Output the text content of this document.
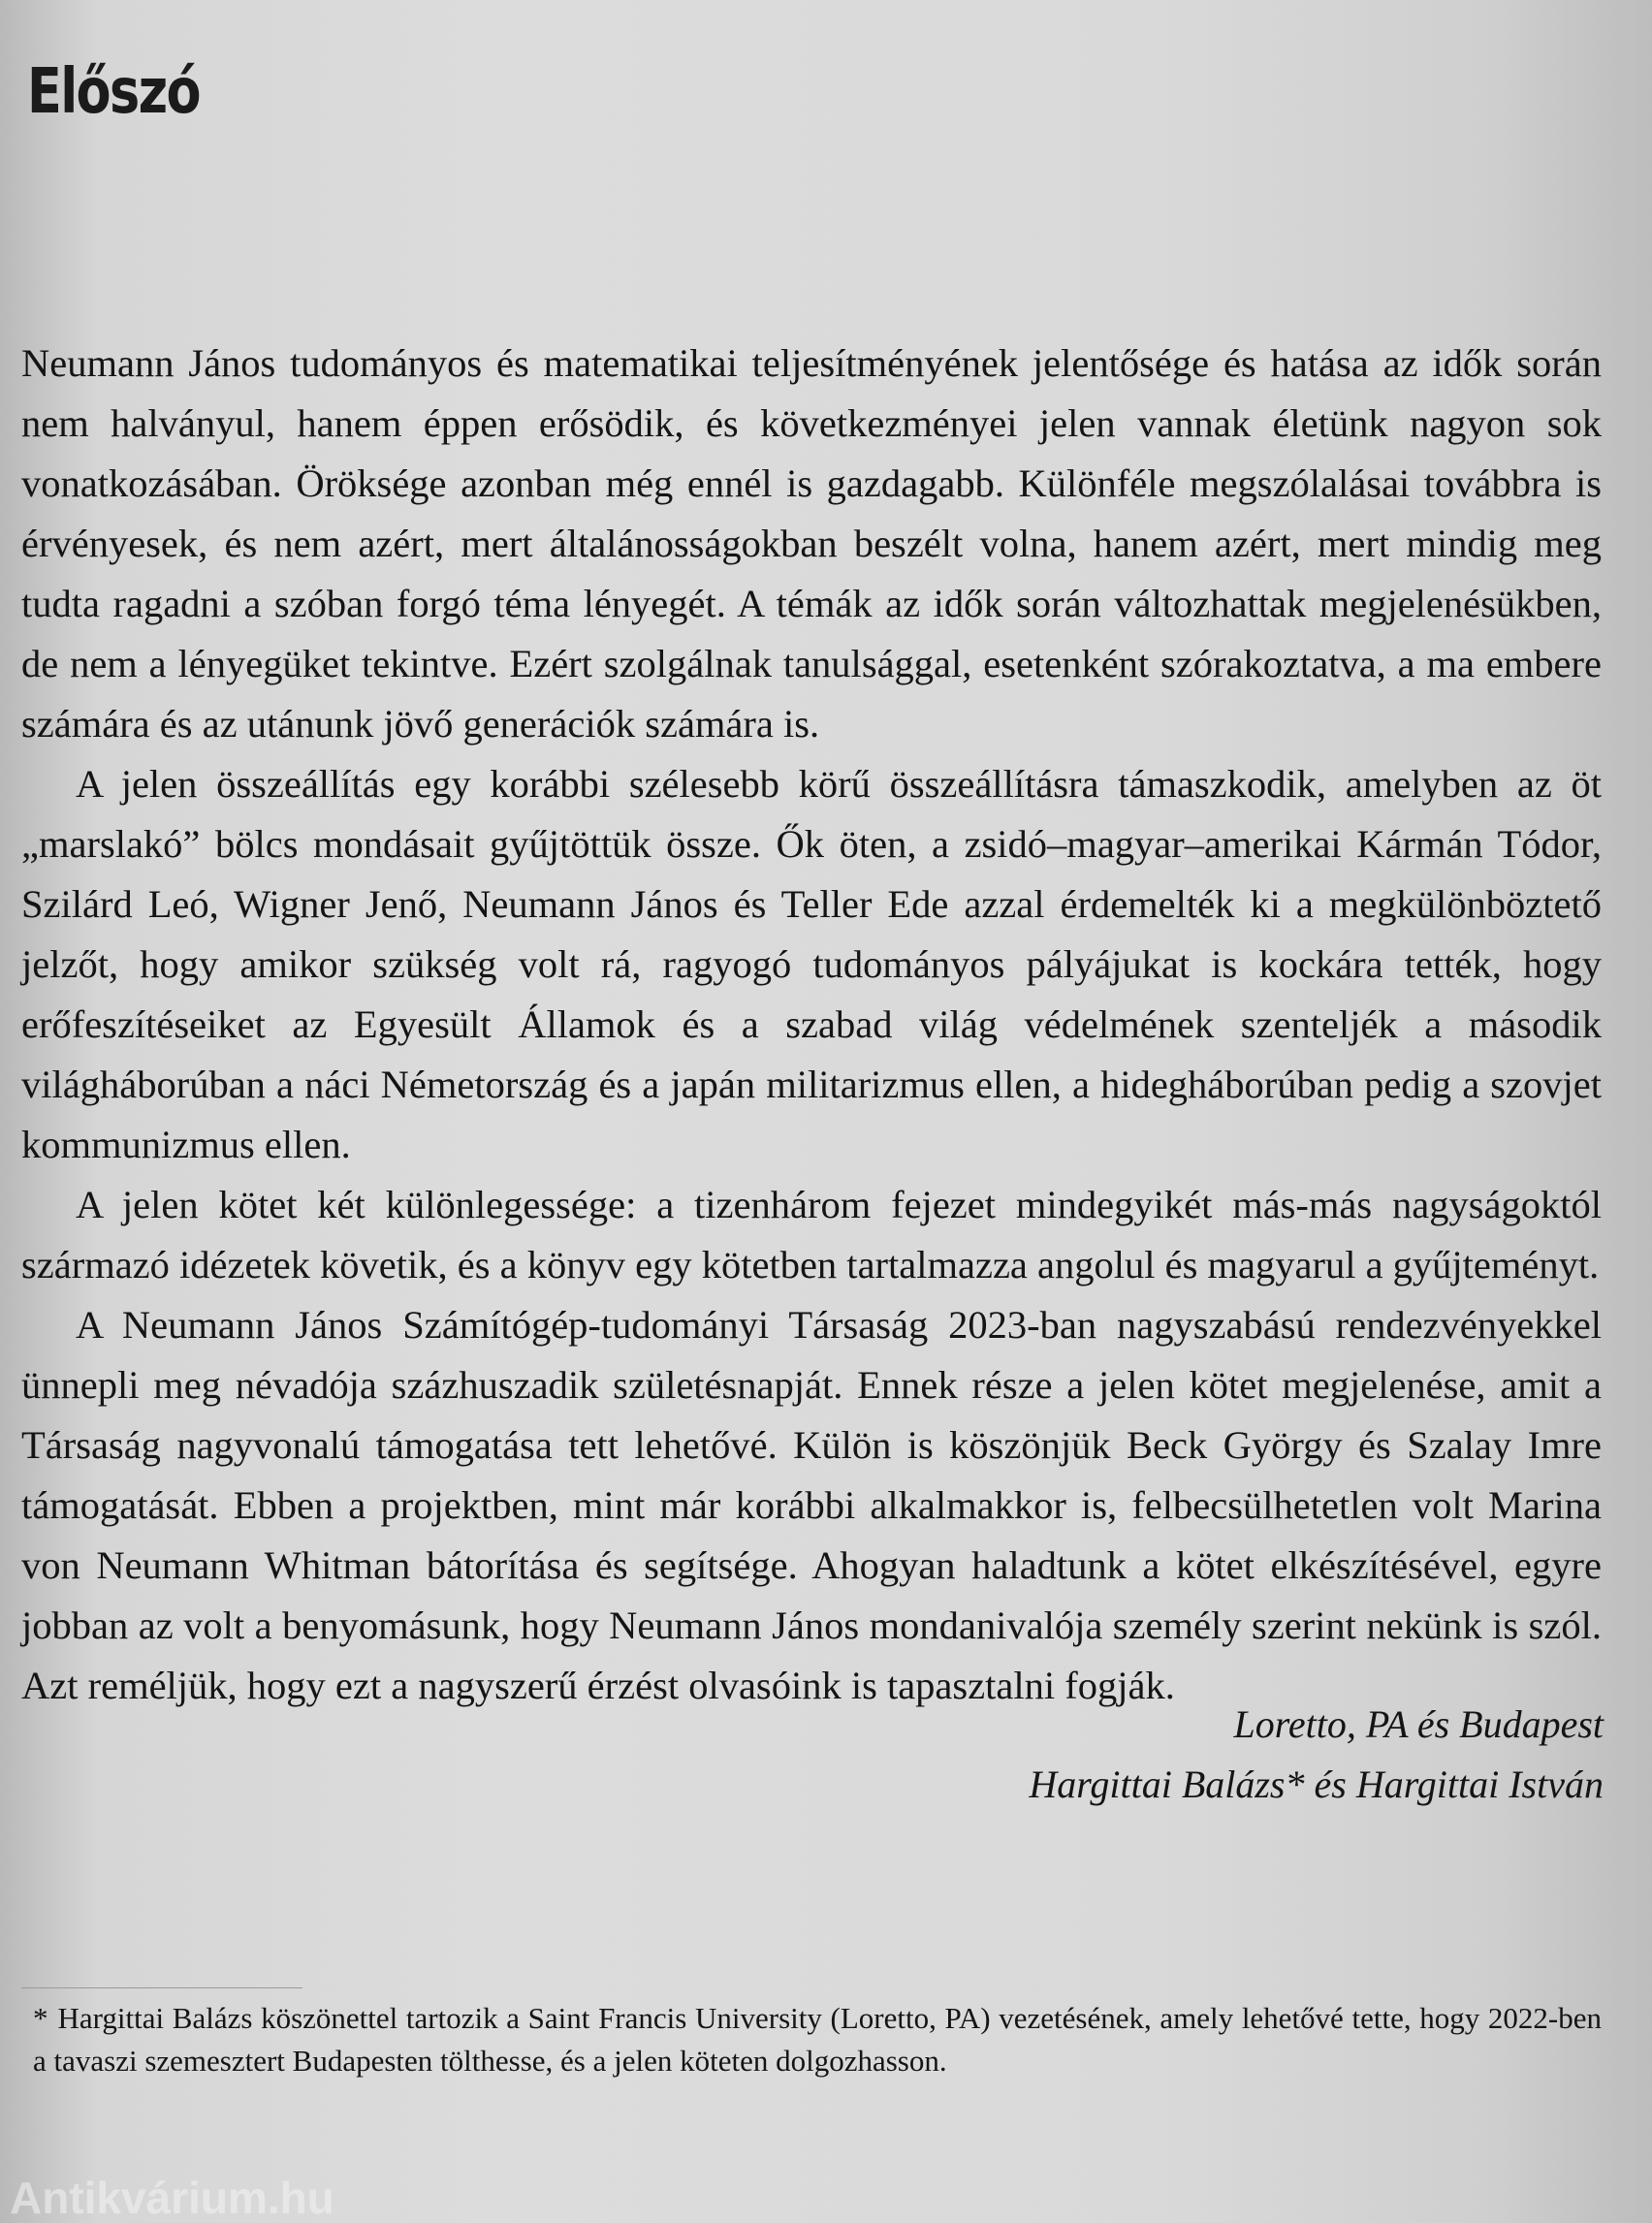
Előszó

Neumann János tudományos és matematikai teljesítményének jelentősége és hatása az idők során nem halványul, hanem éppen erősödik, és következményei jelen vannak életünk nagyon sok vonatkozásában. Öröksége azonban még ennél is gazdagabb. Különféle megszólalásai továbbra is érvényesek, és nem azért, mert általánosságokban beszélt volna, hanem azért, mert mindig meg tudta ragadni a szóban forgó téma lényegét. A témák az idők során változhattak megjelenésükben, de nem a lényegüket tekintve. Ezért szolgálnak tanulsággal, esetenként szórakoztatva, a ma embere számára és az utánunk jövő generációk számára is.

A jelen összeállítás egy korábbi szélesebb körű összeállításra támaszkodik, amelyben az öt „marslakó” bölcs mondásait gyűjtöttük össze. Ők öten, a zsidó–magyar–amerikai Kármán Tódor, Szilárd Leó, Wigner Jenő, Neumann János és Teller Ede azzal érdemelték ki a megkülönböztető jelzőt, hogy amikor szükség volt rá, ragyogó tudományos pályájukat is kockára tették, hogy erőfeszítéseiket az Egyesült Államok és a szabad világ védelmének szenteljék a második világháborúban a náci Németország és a japán militarizmus ellen, a hidegháborúban pedig a szovjet kommunizmus ellen.

A jelen kötet két különlegessége: a tizenhárom fejezet mindegyikét más-más nagyságoktól származó idézetek követik, és a könyv egy kötetben tartalmazza angolul és magyarul a gyűjteményt.

A Neumann János Számítógép-tudományi Társaság 2023-ban nagyszabású rendezvényekkel ünnepli meg névadója százhuszadik születésnapját. Ennek része a jelen kötet megjelenése, amit a Társaság nagyvonalú támogatása tett lehetővé. Külön is köszönjük Beck György és Szalay Imre támogatását. Ebben a projektben, mint már korábbi alkalmakkor is, felbecsülhetetlen volt Marina von Neumann Whitman bátorítása és segítsége. Ahogyan haladtunk a kötet elkészítésével, egyre jobban az volt a benyomásunk, hogy Neumann János mondanivalója személy szerint nekünk is szól. Azt reméljük, hogy ezt a nagyszerű érzést olvasóink is tapasztalni fogják.

Loretto, PA és Budapest
Hargittai Balázs* és Hargittai István
* Hargittai Balázs köszönettel tartozik a Saint Francis University (Loretto, PA) vezetésének, amely lehetővé tette, hogy 2022-ben a tavaszi szemesztert Budapesten tölthesse, és a jelen köteten dolgozhasson.
Antikvárium.hu
